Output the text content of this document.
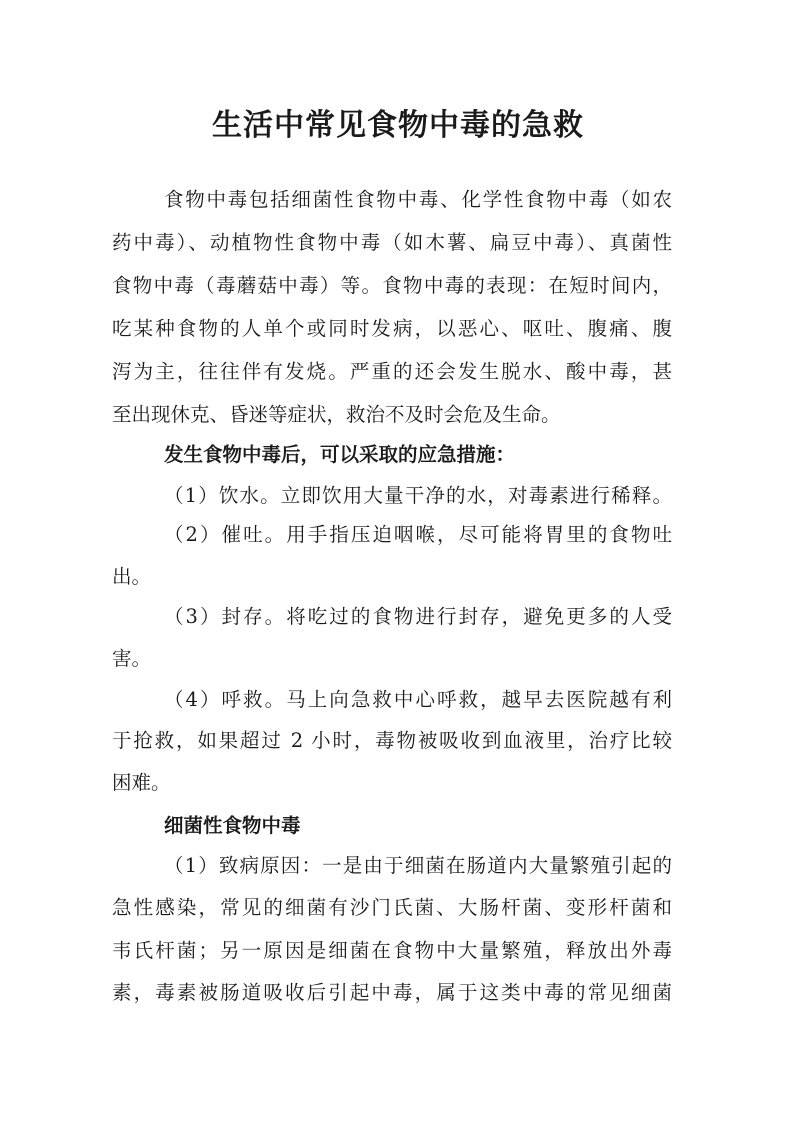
生活中常见食物中毒的急救
食物中毒包括细菌性食物中毒、化学性食物中毒（如农
药中毒）、动植物性食物中毒（如木薯、扁豆中毒）、真菌性
食物中毒（毒蘑菇中毒）等。食物中毒的表现：在短时间内，
吃某种食物的人单个或同时发病，以恶心、呕吐、腹痛、腹
泻为主，往往伴有发烧。严重的还会发生脱水、酸中毒，甚
至出现休克、昏迷等症状，救治不及时会危及生命。
发生食物中毒后，可以采取的应急措施：
（1）饮水。立即饮用大量干净的水，对毒素进行稀释。
（2）催吐。用手指压迫咽喉，尽可能将胃里的食物吐
出。
（3）封存。将吃过的食物进行封存，避免更多的人受
害。
（4）呼救。马上向急救中心呼救，越早去医院越有利
于抢救，如果超过 2 小时，毒物被吸收到血液里，治疗比较
困难。
细菌性食物中毒
（1）致病原因：一是由于细菌在肠道内大量繁殖引起的
急性感染，常见的细菌有沙门氏菌、大肠杆菌、变形杆菌和
韦氏杆菌；另一原因是细菌在食物中大量繁殖，释放出外毒
素，毒素被肠道吸收后引起中毒，属于这类中毒的常见细菌
